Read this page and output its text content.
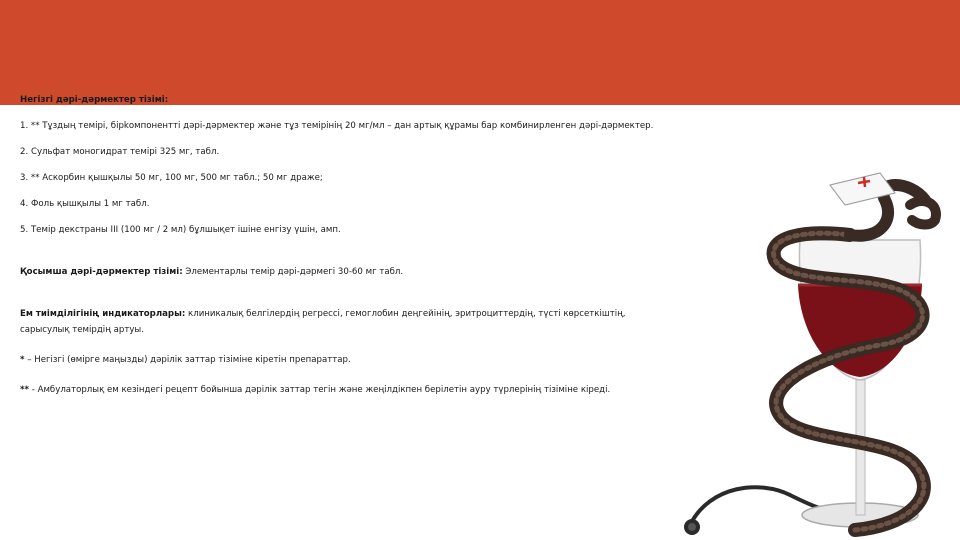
Негізгі дәрі-дәрмектер тізімі:

1. ** Тұздың темірі, бірkомпонентті дәрі-дәрмектер және тұз темірінің 20 мг/мл – дан артық құрамы бар комбинирленген дәрі-дәрмектер.

2. Сульфат моногидрат темірі 325 мг, табл.

3. ** Аскорбин қышқылы 50 мг, 100 мг, 500 мг табл.; 50 мг драже;

4. Фоль қышқылы 1 мг табл.

5. Темір декстраны III (100 мг / 2 мл) бұлшықет ішіне енгізу үшін, амп.

Қосымша дәрі-дәрмектер тізімі: Элементарлы темір дәрі-дәрмегі 30-60 мг табл.

Ем тиімділігінің индикаторлары: клиникалық белгілердің регрессі, гемоглобин деңгейінің, эритроциттердің, түсті көрсеткіштің, сарысулық темірдің артуы.

* – Негізгі (өмірге маңызды) дәрілік заттар тізіміне кіретін препараттар.

** - Амбулаторлық ем кезіндегі рецепт бойынша дәрілік заттар тегін және жеңілдікпен берілетін ауру түрлерінің тізіміне кіреді.
